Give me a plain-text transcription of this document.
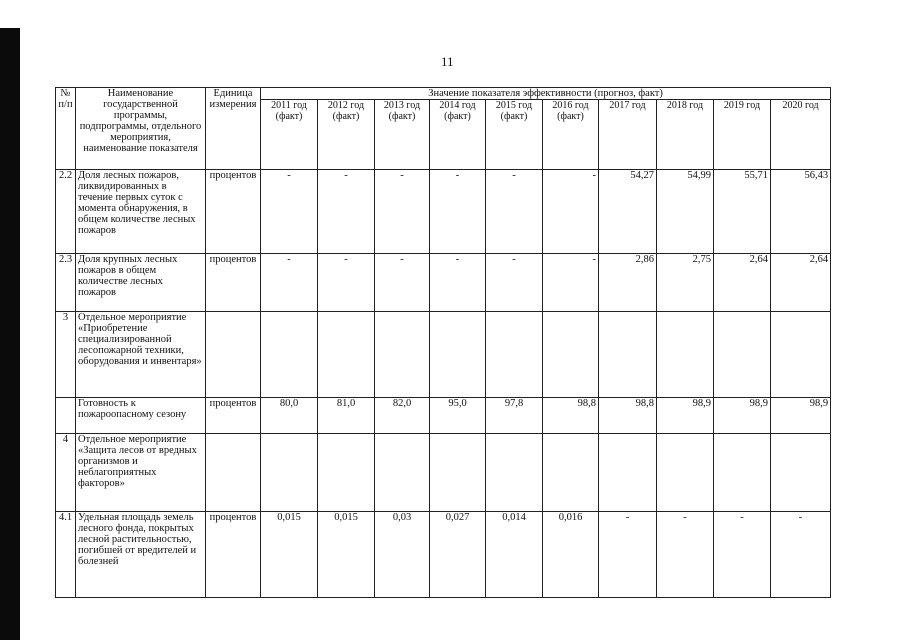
11
№ п/п	Наименование государственной программы, подпрограммы, отдельного мероприятия, наименование показателя	Единица измерения	Значение показателя эффективности (прогноз, факт)									
			2011 год (факт)	2012 год (факт)	2013 год (факт)	2014 год (факт)	2015 год (факт)	2016 год (факт)	2017 год	2018 год	2019 год	2020 год
2.2	Доля лесных пожаров, ликвидированных в течение первых суток с момента обнаружения, в общем количестве лесных пожаров	процентов	-	-	-	-	-	-	54,27	54,99	55,71	56,43
2.3	Доля крупных лесных пожаров в общем количестве лесных пожаров	процентов	-	-	-	-	-	-	2,86	2,75	2,64	2,64
3	Отдельное мероприятие «Приобретение специализированной лесопожарной техники, оборудования и инвентаря»											
	Готовность к пожароопасному сезону	процентов	80,0	81,0	82,0	95,0	97,8	98,8	98,8	98,9	98,9	98,9
4	Отдельное мероприятие «Защита лесов от вредных организмов и неблагоприятных факторов»											
4.1	Удельная площадь земель лесного фонда, покрытых лесной растительностью, погибшей от вредителей и болезней	процентов	0,015	0,015	0,03	0,027	0,014	0,016	-	-	-	-
